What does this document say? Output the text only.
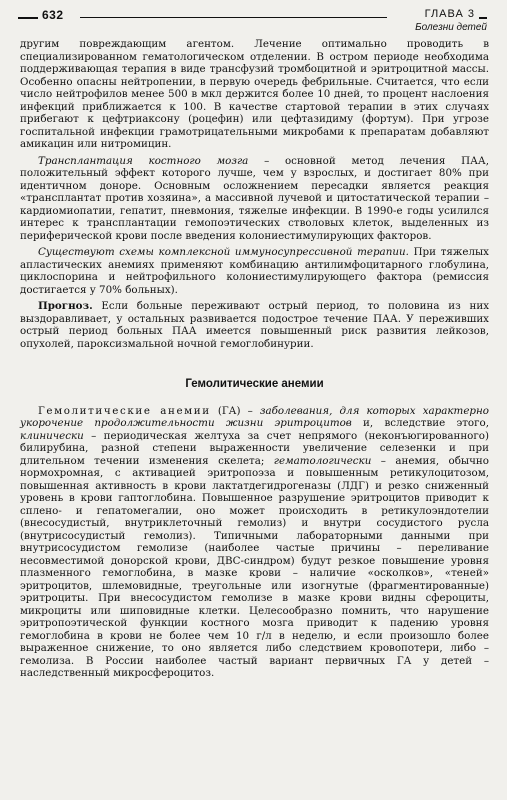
632	ГЛАВА 3
Болезни детей

другим повреждающим агентом. Лечение оптимально проводить в специализированном гематологическом отделении. В остром периоде необходима поддерживающая терапия в виде трансфузий тромбоцитной и эритроцитной массы. Особенно опасны нейтропении, в первую очередь фебрильные. Считается, что если число нейтрофилов менее 500 в мкл держится более 10 дней, то процент наслоения инфекций приближается к 100. В качестве стартовой терапии в этих случаях прибегают к цефтриаксону (роцефин) или цефтазидиму (фортум). При угрозе госпитальной инфекции грамотрицательными микробами к препаратам добавляют амикацин или нитромицин.

Трансплантация костного мозга – основной метод лечения ПАА, положительный эффект которого лучше, чем у взрослых, и достигает 80% при идентичном доноре. Основным осложнением пересадки является реакция «трансплантат против хозяина», а массивной лучевой и цитостатической терапии – кардиомиопатии, гепатит, пневмония, тяжелые инфекции. В 1990-е годы усилился интерес к трансплантации гемопоэтических стволовых клеток, выделенных из периферической крови после введения колониестимулирующих факторов.

Существуют схемы комплексной иммуносупрессивной терапии. При тяжелых апластических анемиях применяют комбинацию антилимфоцитарного глобулина, циклоспорина и нейтрофильного колониестимулирующего фактора (ремиссия достигается у 70% больных).

Прогноз. Если больные переживают острый период, то половина из них выздоравливает, у остальных развивается подострое течение ПАА. У переживших острый период больных ПАА имеется повышенный риск развития лейкозов, опухолей, пароксизмальной ночной гемоглобинурии.

Гемолитические анемии

Гемолитические анемии (ГА) – заболевания, для которых характерно укорочение продолжительности жизни эритроцитов и, вследствие этого, клинически – периодическая желтуха за счет непрямого (неконъюгированного) билирубина, разной степени выраженности увеличение селезенки и при длительном течении изменения скелета; гематологически – анемия, обычно нормохромная, с активацией эритропоэза и повышенным ретикулоцитозом, повышенная активность в крови лактатдегидрогеназы (ЛДГ) и резко сниженный уровень в крови гаптоглобина. Повышенное разрушение эритроцитов приводит к спленo- и гепатомегалии, оно может происходить в ретикулоэндотелии (внесосудистый, внутриклеточный гемолиз) и внутри сосудистого русла (внутрисосудистый гемолиз). Типичными лабораторными данными при внутрисосудистом гемолизе (наиболее частые причины – переливание несовместимой донорской крови, ДВС-синдром) будут резкое повышение уровня плазменного гемоглобина, в мазке крови – наличие «осколков», «теней» эритроцитов, шлемовидные, треугольные или изогнутые (фрагментированные) эритроциты. При внесосудистом гемолизе в мазке крови видны сфероциты, микроциты или шиповидные клетки. Целесообразно помнить, что нарушение эритропоэтической функции костного мозга приводит к падению уровня гемоглобина в крови не более чем 10 г/л в неделю, и если произошло более выраженное снижение, то оно является либо следствием кровопотери, либо – гемолиза. В России наиболее частый вариант первичных ГА у детей – наследственный микросфероцитоз.
